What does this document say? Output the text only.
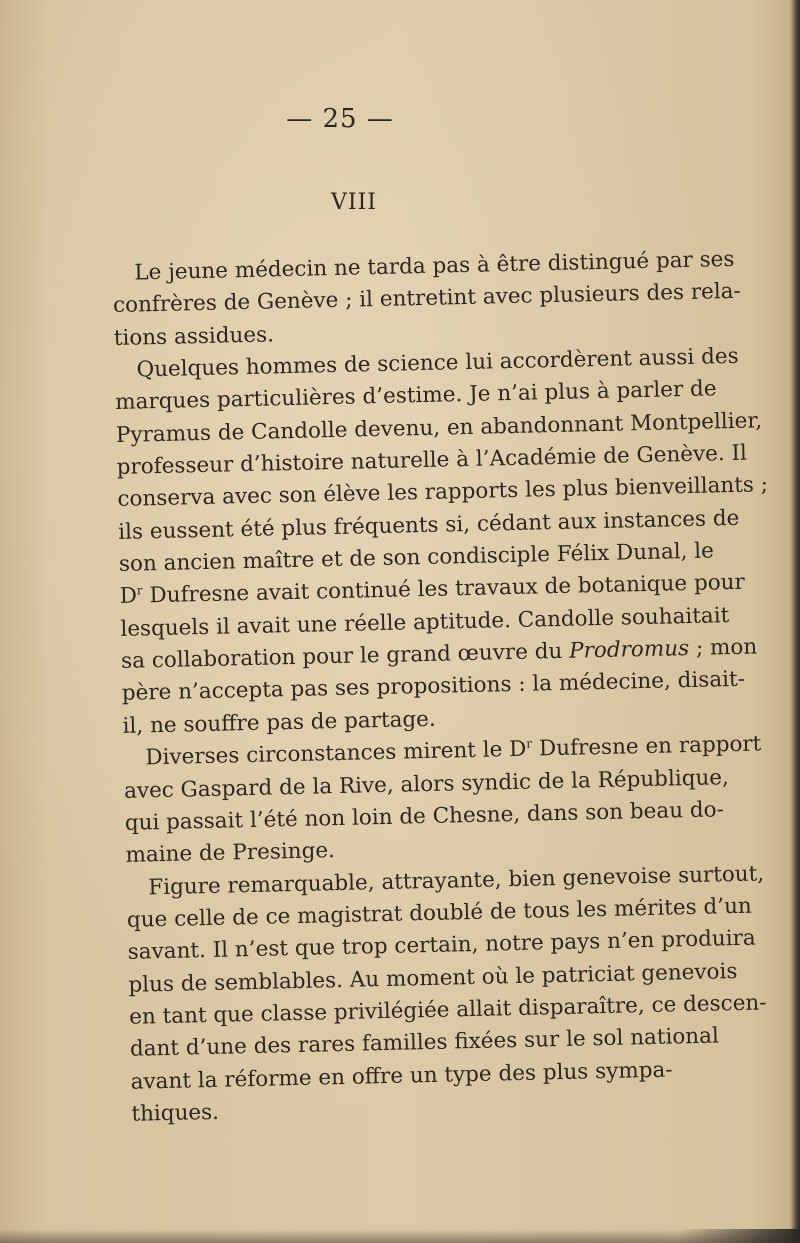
— 25 —
VIII
Le jeune médecin ne tarda pas à être distingué par ses
confrères de Genève ; il entretint avec plusieurs des rela-
tions assidues.
Quelques hommes de science lui accordèrent aussi des
marques particulières d’estime. Je n’ai plus à parler de
Pyramus de Candolle devenu, en abandonnant Montpellier,
professeur d’histoire naturelle à l’Académie de Genève. Il
conserva avec son élève les rapports les plus bienveillants ;
ils eussent été plus fréquents si, cédant aux instances de
son ancien maître et de son condisciple Félix Dunal, le
$D^r$ Dufresne avait continué les travaux de botanique pour
lesquels il avait une réelle aptitude. Candolle souhaitait
sa collaboration pour le grand œuvre du Prodromus ; mon
père n’accepta pas ses propositions : la médecine, disait-
il, ne souffre pas de partage.
Diverses circonstances mirent le $D^r$ Dufresne en rapport
avec Gaspard de la Rive, alors syndic de la République,
qui passait l’été non loin de Chesne, dans son beau do-
maine de Presinge.
Figure remarquable, attrayante, bien genevoise surtout,
que celle de ce magistrat doublé de tous les mérites d’un
savant. Il n’est que trop certain, notre pays n’en produira
plus de semblables. Au moment où le patriciat genevois
en tant que classe privilégiée allait disparaître, ce descen-
dant d’une des rares familles fixées sur le sol national
avant la réforme en offre un type des plus sympa-
thiques.
